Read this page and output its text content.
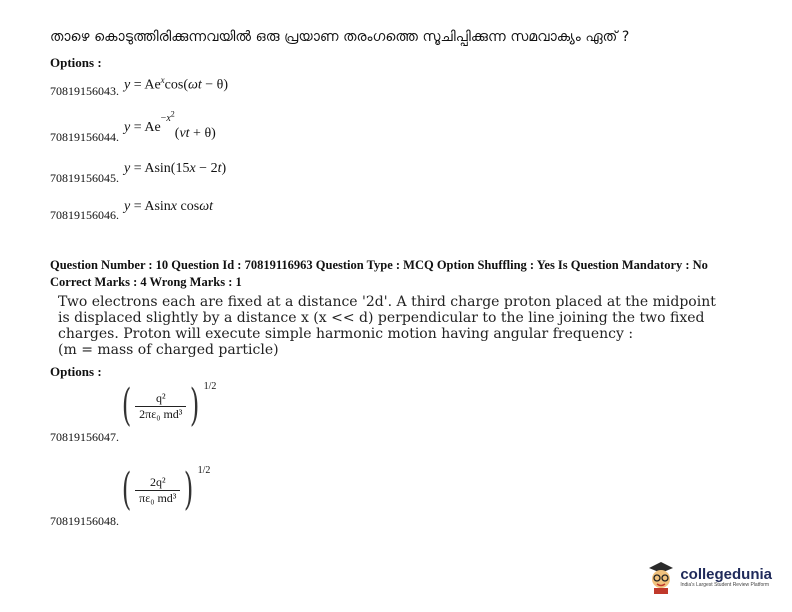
താഴെ കൊടുത്തിരിക്കുന്നവയിൽ ഒരു പ്രയാണ തരംഗത്തെ സൂചിപ്പിക്കുന്ന സമവാക്യം ഏത് ?
Options :
70819156043. $y = Ae^x\cos(\omega t - \theta)$
70819156044.
$y = Ae^{-x^2}(vt + \theta)$
70819156045.
y = Asin(15x − 2t)
70819156046.
y = Asinx cosωt
Question Number : 10 Question Id : 70819116963 Question Type : MCQ Option Shuffling : Yes Is Question Mandatory : No
Correct Marks : 4 Wrong Marks : 1
Two electrons each are fixed at a distance '2d'. A third charge proton placed at the midpoint
is displaced slightly by a distance x (x << d) perpendicular to the line joining the two fixed
charges. Proton will execute simple harmonic motion having angular frequency :
(m = mass of charged particle)
Options :
70819156047.
( $\frac{\text{q²}}{\text{2πε₀ md³}}$ ) 1/2
70819156048.
( $\frac{\text{2q²}}{\text{πε₀ md³}}$ ) 1/2
collegedunia
India's Largest Student Review Platform
